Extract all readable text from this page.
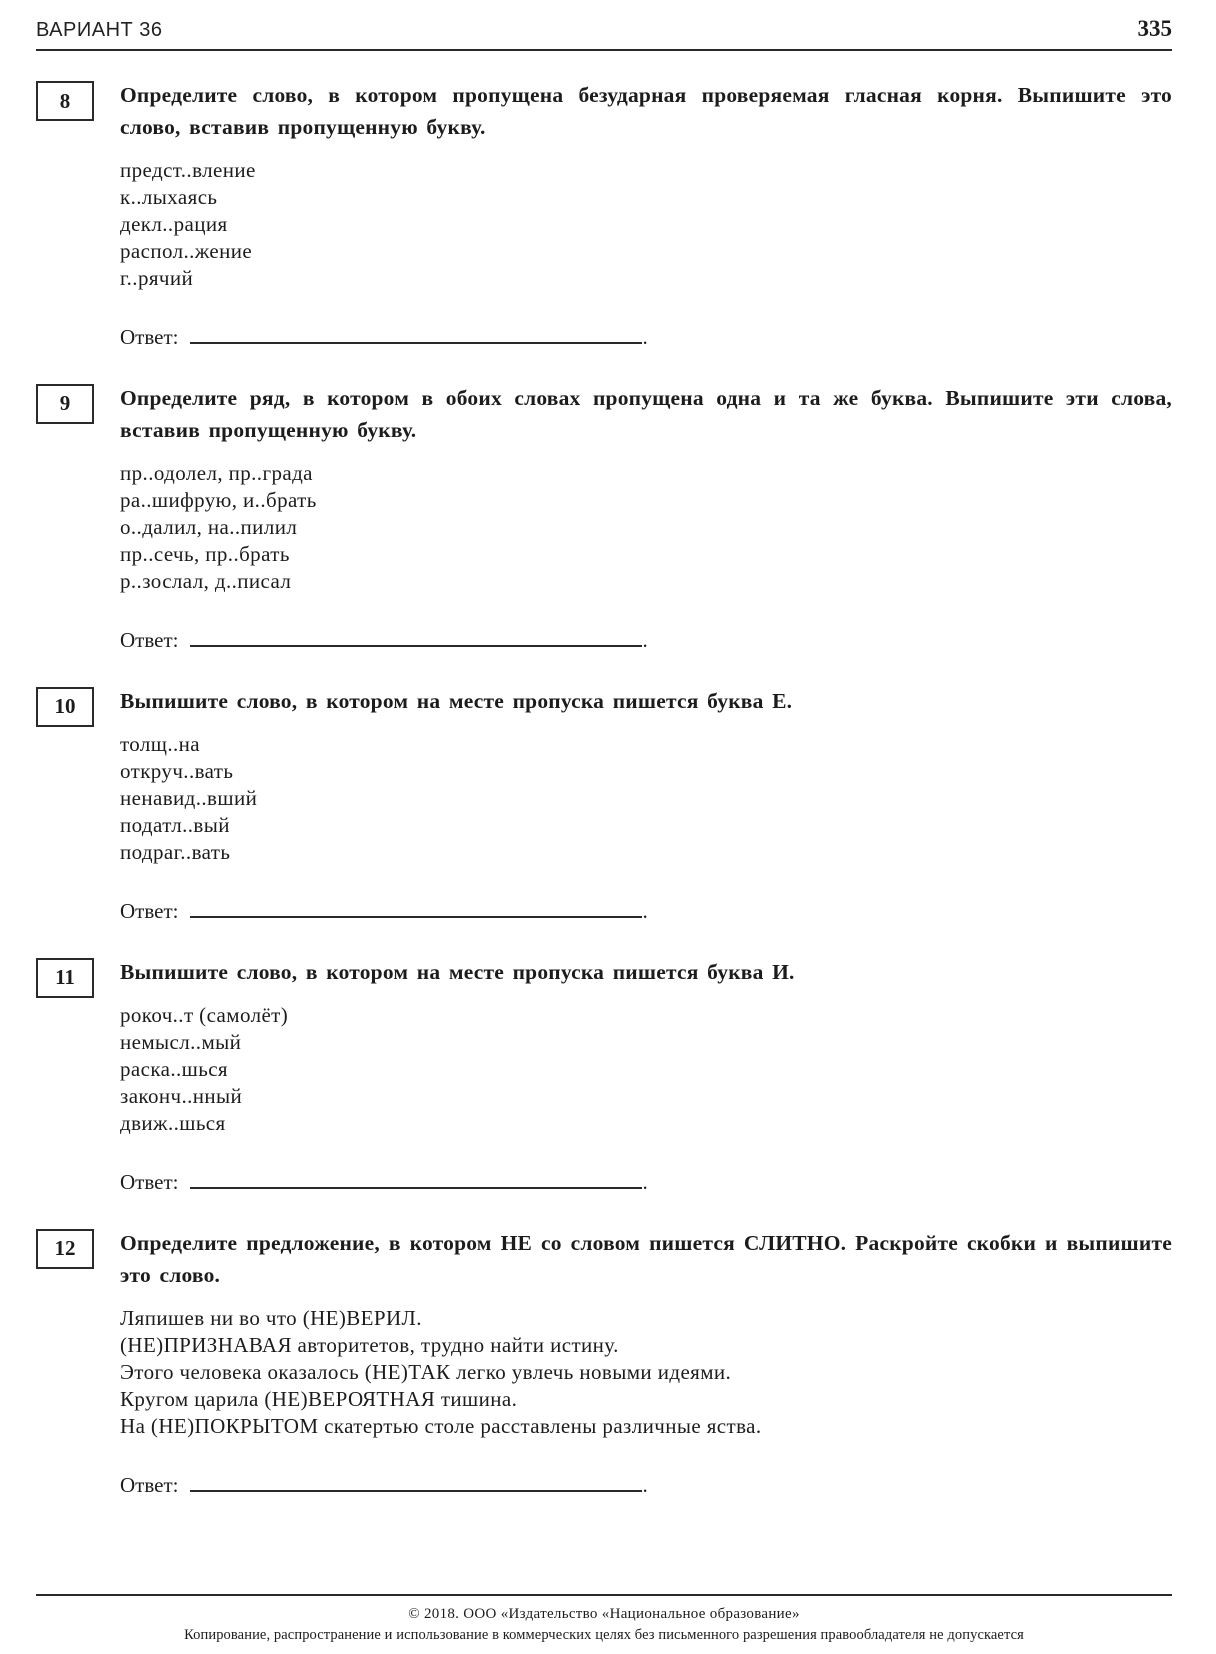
ВАРИАНТ 36	335
8 Определите слово, в котором пропущена безударная проверяемая гласная корня. Выпишите это слово, вставив пропущенную букву.

предст..вление
к..лыхаясь
декл..рация
распол..жение
г..рячий
Ответ:	.
9 Определите ряд, в котором в обоих словах пропущена одна и та же буква. Выпишите эти слова, вставив пропущенную букву.

пр..одолел, пр..града
ра..шифрую, и..брать
о..далил, на..пилил
пр..сечь, пр..брать
р..зослал, д..писал
Ответ:	.
10 Выпишите слово, в котором на месте пропуска пишется буква Е.

толщ..на
откруч..вать
ненавид..вший
податл..вый
подраг..вать
Ответ:	.
11 Выпишите слово, в котором на месте пропуска пишется буква И.

рокоч..т (самолёт)
немысл..мый
раска..шься
законч..нный
движ..шься
Ответ:	.
12 Определите предложение, в котором НЕ со словом пишется СЛИТНО. Раскройте скобки и выпишите это слово.

Ляпишев ни во что (НЕ)ВЕРИЛ.
(НЕ)ПРИЗНАВАЯ авторитетов, трудно найти истину.
Этого человека оказалось (НЕ)ТАК легко увлечь новыми идеями.
Кругом царила (НЕ)ВЕРОЯТНАЯ тишина.
На (НЕ)ПОКРЫТОМ скатертью столе расставлены различные яства.
Ответ:	.
© 2018. ООО «Издательство «Национальное образование»
Копирование, распространение и использование в коммерческих целях без письменного разрешения правообладателя не допускается
